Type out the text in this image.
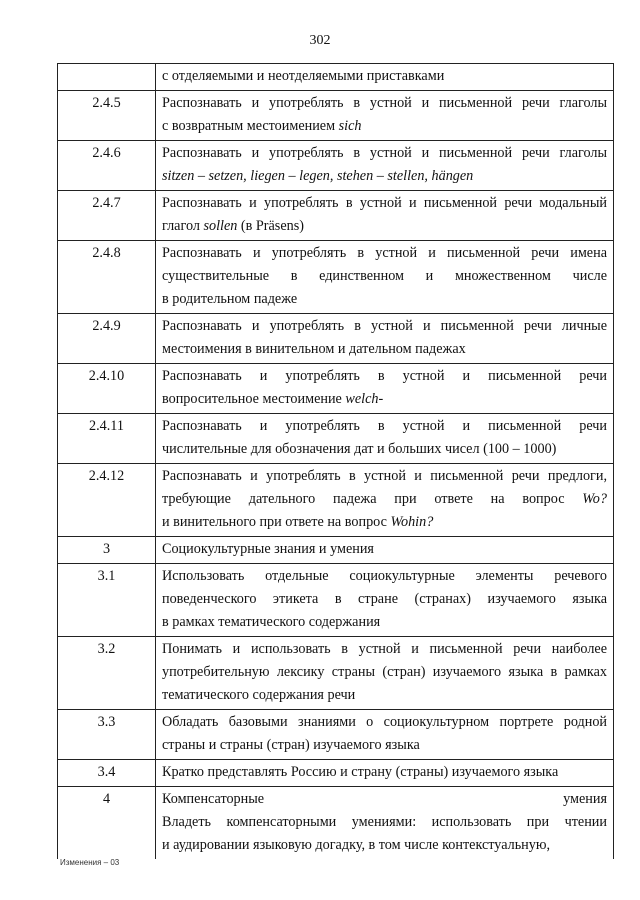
302

	с отделяемыми и неотделяемыми приставками

2.4.5	Распознавать и употреблять в устной и письменной речи глаголы
с возвратным местоимением sich

2.4.6	Распознавать и употреблять в устной и письменной речи глаголы
sitzen – setzen, liegen – legen, stehen – stellen, hängen

2.4.7	Распознавать и употреблять в устной и письменной речи модальный
глагол sollen (в Präsens)

2.4.8	Распознавать и употреблять в устной и письменной речи имена
существительные в единственном и множественном числе
в родительном падеже

2.4.9	Распознавать и употреблять в устной и письменной речи личные
местоимения в винительном и дательном падежах

2.4.10	Распознавать и употреблять в устной и письменной речи
вопросительное местоимение welch-

2.4.11	Распознавать и употреблять в устной и письменной речи
числительные для обозначения дат и больших чисел (100 – 1000)

2.4.12	Распознавать и употреблять в устной и письменной речи предлоги,
требующие дательного падежа при ответе на вопрос Wo?
и винительного при ответе на вопрос Wohin?

3	Социокультурные знания и умения

3.1	Использовать отдельные социокультурные элементы речевого
поведенческого этикета в стране (странах) изучаемого языка
в рамках тематического содержания

3.2	Понимать и использовать в устной и письменной речи наиболее
употребительную лексику страны (стран) изучаемого языка в рамках
тематического содержания речи

3.3	Обладать базовыми знаниями о социокультурном портрете родной
страны и страны (стран) изучаемого языка

3.4	Кратко представлять Россию и страну (страны) изучаемого языка

4	Компенсаторные умения
Владеть компенсаторными умениями: использовать при чтении
и аудировании языковую догадку, в том числе контекстуальную,
Изменения – 03
